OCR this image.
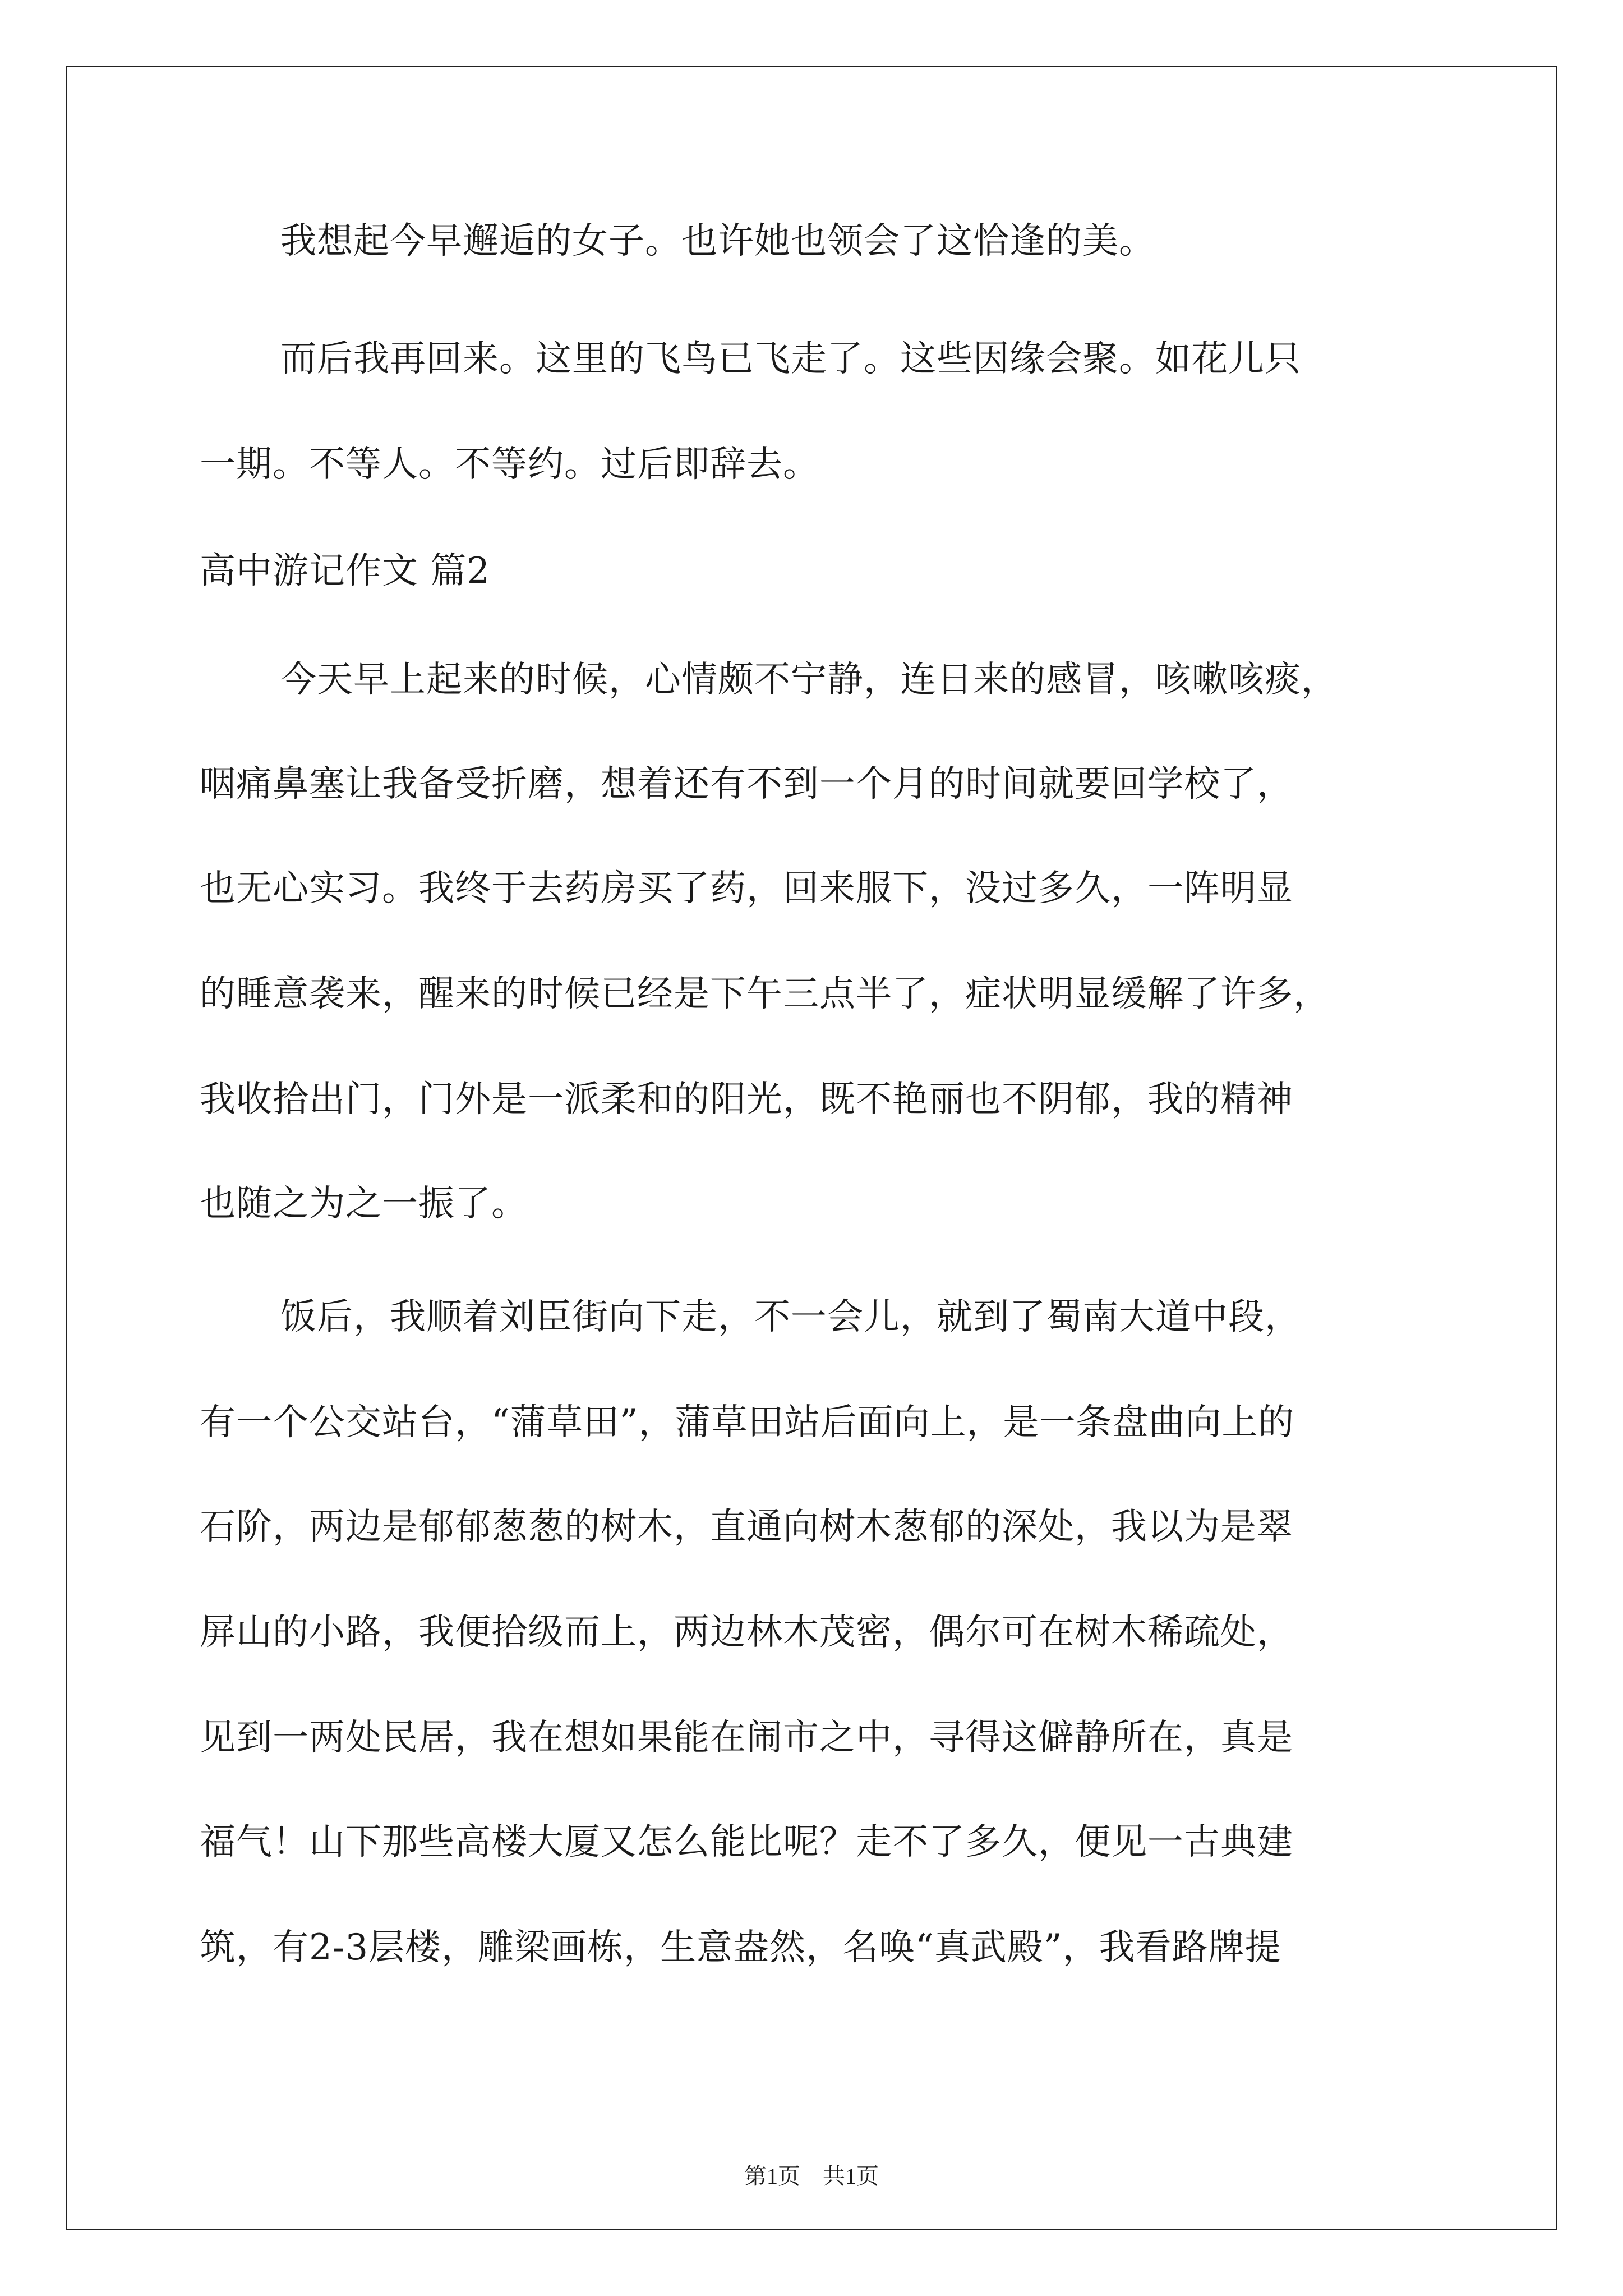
我想起今早邂逅的女子。也许她也领会了这恰逢的美。
而后我再回来。这里的飞鸟已飞走了。这些因缘会聚。如花儿只
一期。不等人。不等约。过后即辞去。
高中游记作文 篇2
今天早上起来的时候，心情颇不宁静，连日来的感冒，咳嗽咳痰，
咽痛鼻塞让我备受折磨，想着还有不到一个月的时间就要回学校了，
也无心实习。我终于去药房买了药，回来服下，没过多久，一阵明显
的睡意袭来，醒来的时候已经是下午三点半了，症状明显缓解了许多，
我收拾出门，门外是一派柔和的阳光，既不艳丽也不阴郁，我的精神
也随之为之一振了。
饭后，我顺着刘臣街向下走，不一会儿，就到了蜀南大道中段，
有一个公交站台，“蒲草田”，蒲草田站后面向上，是一条盘曲向上的
石阶，两边是郁郁葱葱的树木，直通向树木葱郁的深处，我以为是翠
屏山的小路，我便拾级而上，两边林木茂密，偶尔可在树木稀疏处，
见到一两处民居，我在想如果能在闹市之中，寻得这僻静所在，真是
福气！山下那些高楼大厦又怎么能比呢？走不了多久，便见一古典建
筑，有2-3层楼，雕梁画栋，生意盎然，名唤“真武殿”，我看路牌提
第1页　共1页
